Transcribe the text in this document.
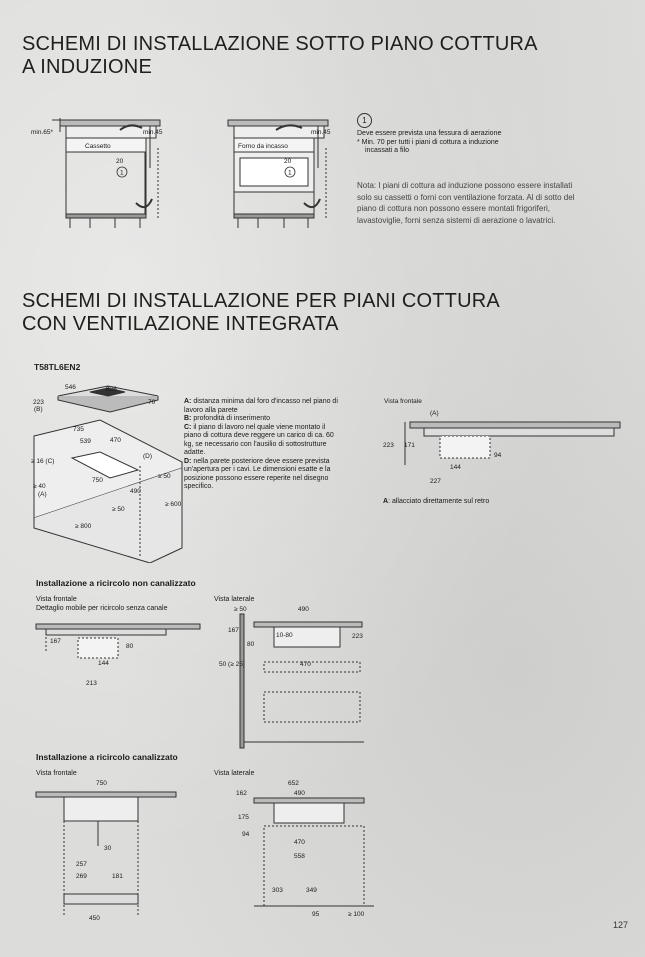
SCHEMI DI INSTALLAZIONE SOTTO PIANO COTTURA
A INDUZIONE
min.65*	min.45
Cassetto
20
1
min.45
Forno da incasso
20
1
1
Deve essere prevista una fessura di aerazione
* Min. 70 per tutti i piani di cottura a induzione
incassati a filo
Nota: I piani di cottura ad induzione possono essere installati solo su cassetti o forni con ventilazione forzata. Al di sotto del piano di cottura non possono essere montati frigoriferi, lavastoviglie, forni senza sistemi di aerazione o lavatrici.
SCHEMI DI INSTALLAZIONE PER PIANI COTTURA
CON VENTILAZIONE INTEGRATA
T58TL6EN2
546	826
223
(B)
70
735
539	470
(D)
≥ 16 (C)
750
≥ 50
≥ 40
(A)	490
≥ 600
≥ 50
≥ 800
A: distanza minima dal foro d'incasso nel piano di lavoro alla parete
B: profondità di inserimento
C: il piano di lavoro nel quale viene montato il piano di cottura deve reggere un carico di ca. 60 kg, se necessario con l'ausilio di sottostrutture adatte.
D: nella parete posteriore deve essere prevista un'apertura per i cavi. Le dimensioni esatte e la posizione possono essere reperite nel disegno specifico.
Vista frontale
(A)
223 171
94
144
227
A: allacciato direttamente sul retro
Installazione a ricircolo non canalizzato
Vista frontale
Dettaglio mobile per ricircolo senza canale
167
80
144
213
Vista laterale
≥ 50	490
167
10-80	223
80
50 (≥ 25)	470
Installazione a ricircolo canalizzato
Vista frontale
750
30
257
269	181
450
Vista laterale
652
162	490
175
94
470
558
303	349
95	≥ 100
127
